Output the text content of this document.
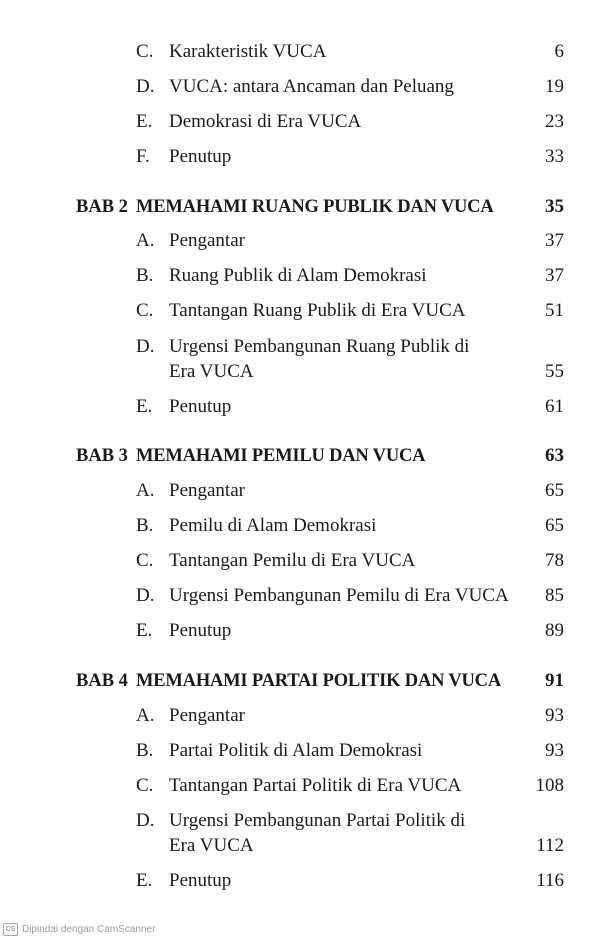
C. Karakteristik VUCA	6
D. VUCA: antara Ancaman dan Peluang	19
E. Demokrasi di Era VUCA	23
F. Penutup	33
BAB 2 MEMAHAMI RUANG PUBLIK DAN VUCA	35
A. Pengantar	37
B. Ruang Publik di Alam Demokrasi	37
C. Tantangan Ruang Publik di Era VUCA	51
D. Urgensi Pembangunan Ruang Publik di
Era VUCA	55
E. Penutup	61
BAB 3 MEMAHAMI PEMILU DAN VUCA	63
A. Pengantar	65
B. Pemilu di Alam Demokrasi	65
C. Tantangan Pemilu di Era VUCA	78
D. Urgensi Pembangunan Pemilu di Era VUCA 85
E. Penutup	89
BAB 4 MEMAHAMI PARTAI POLITIK DAN VUCA 91
A. Pengantar	93
B. Partai Politik di Alam Demokrasi	93
C. Tantangan Partai Politik di Era VUCA	108
D. Urgensi Pembangunan Partai Politik di
Era VUCA	112
E. Penutup	116
CS Dipindai dengan CamScanner
